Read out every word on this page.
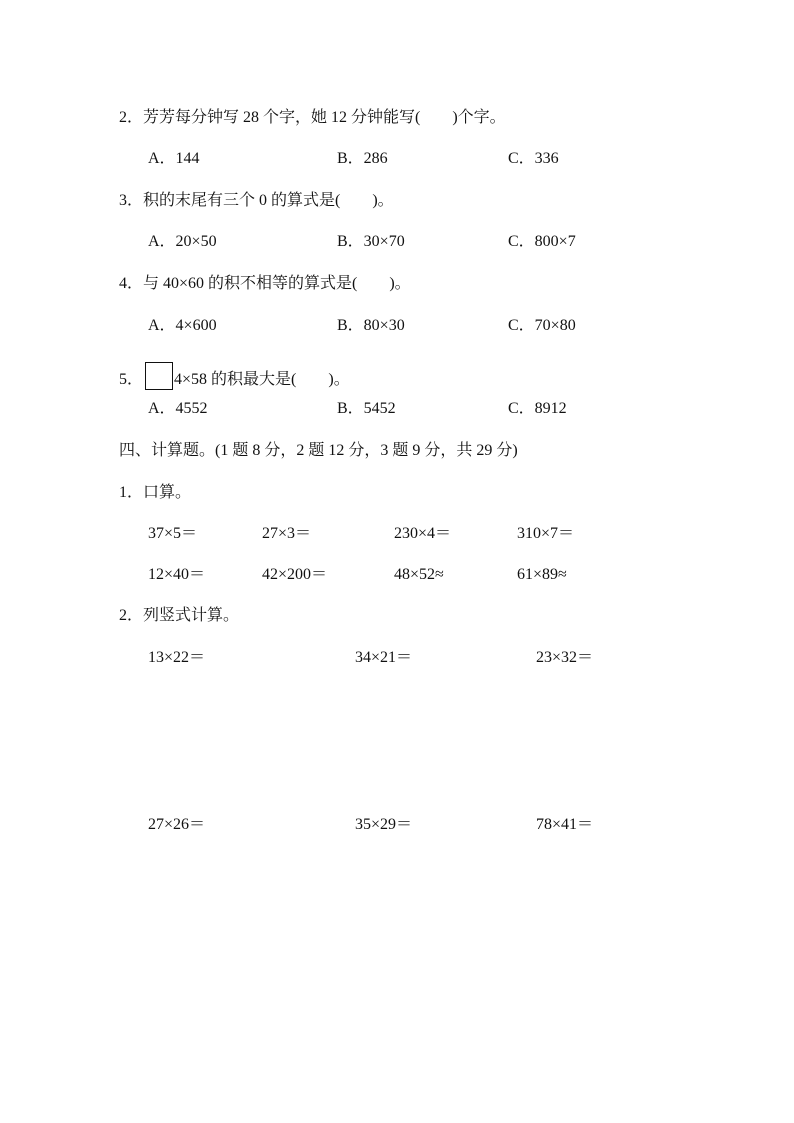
2．芳芳每分钟写 28 个字，她 12 分钟能写(　　)个字。
A．144	B．286	C．336
3．积的末尾有三个 0 的算式是(　　)。
A．20×50	B．30×70	C．800×7
4．与 40×60 的积不相等的算式是(　　)。
A．4×600	B．80×30	C．70×80
5． 4×58 的积最大是(　　)。
A．4552	B．5452	C．8912
四、计算题。(1 题 8 分，2 题 12 分，3 题 9 分，共 29 分)
1．口算。
37×5＝	27×3＝	230×4＝	310×7＝
12×40＝	42×200＝	48×52≈	61×89≈
2．列竖式计算。
13×22＝	34×21＝	23×32＝
27×26＝	35×29＝	78×41＝
